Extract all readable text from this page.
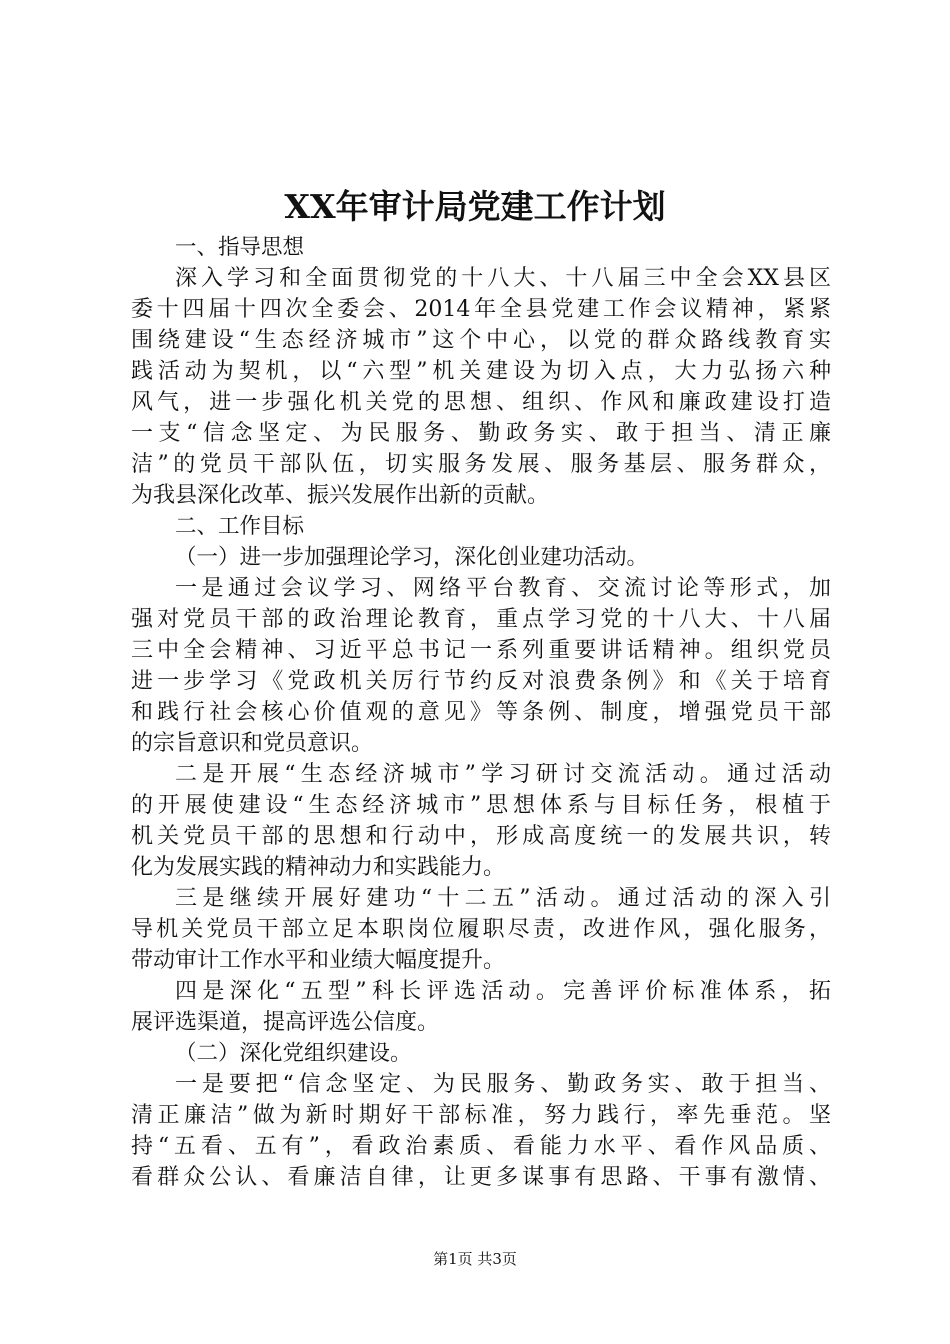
XX年审计局党建工作计划
一、指导思想
深入学习和全面贯彻党的十八大、十八届三中全会XX县区
委十四届十四次全委会、2014年全县党建工作会议精神，紧紧
围绕建设“生态经济城市”这个中心，以党的群众路线教育实
践活动为契机，以“六型”机关建设为切入点，大力弘扬六种
风气，进一步强化机关党的思想、组织、作风和廉政建设打造
一支“信念坚定、为民服务、勤政务实、敢于担当、清正廉
洁”的党员干部队伍，切实服务发展、服务基层、服务群众，
为我县深化改革、振兴发展作出新的贡献。
二、工作目标
（一）进一步加强理论学习，深化创业建功活动。
一是通过会议学习、网络平台教育、交流讨论等形式，加
强对党员干部的政治理论教育，重点学习党的十八大、十八届
三中全会精神、习近平总书记一系列重要讲话精神。组织党员
进一步学习《党政机关厉行节约反对浪费条例》和《关于培育
和践行社会核心价值观的意见》等条例、制度，增强党员干部
的宗旨意识和党员意识。
二是开展“生态经济城市”学习研讨交流活动。通过活动
的开展使建设“生态经济城市”思想体系与目标任务，根植于
机关党员干部的思想和行动中，形成高度统一的发展共识，转
化为发展实践的精神动力和实践能力。
三是继续开展好建功“十二五”活动。通过活动的深入引
导机关党员干部立足本职岗位履职尽责，改进作风，强化服务，
带动审计工作水平和业绩大幅度提升。
四是深化“五型”科长评选活动。完善评价标准体系，拓
展评选渠道，提高评选公信度。
（二）深化党组织建设。
一是要把“信念坚定、为民服务、勤政务实、敢于担当、
清正廉洁”做为新时期好干部标准，努力践行，率先垂范。坚
持“五看、五有”，看政治素质、看能力水平、看作风品质、
看群众公认、看廉洁自律，让更多谋事有思路、干事有激情、
第1页 共3页
